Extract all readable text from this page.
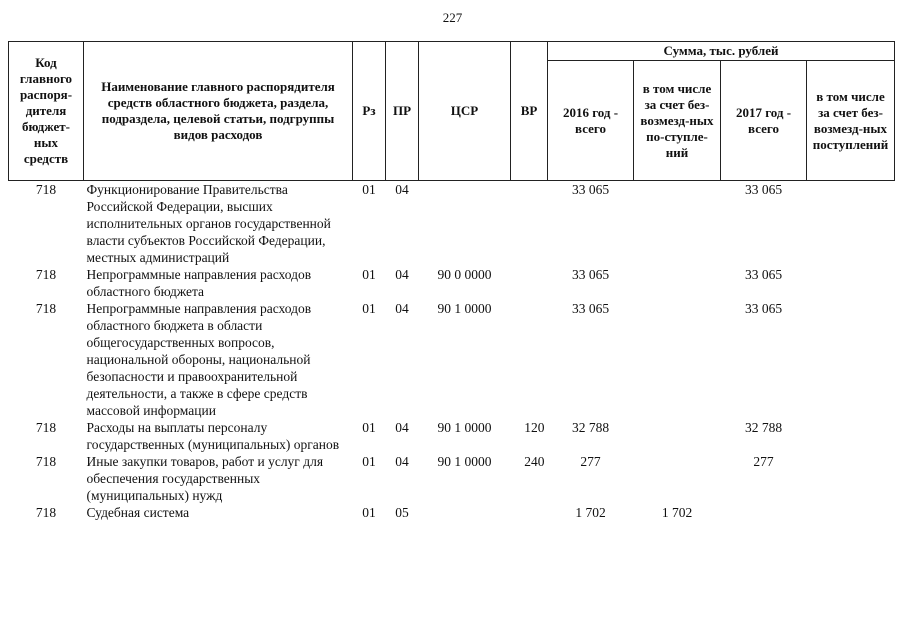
227
Код главного распоря-дителя бюджет-ных средств	Наименование главного распорядителя средств областного бюджета, раздела, подраздела, целевой статьи, подгруппы видов расходов	Рз	ПР	ЦСР	ВР	Сумма, тыс. рублей			
						2016 год - всего	в том числе за счет без-возмезд-ных по-ступле-ний	2017 год - всего	в том числе за счет без-возмезд-ных поступлений
718	Функционирование Правительства Российской Федерации, высших исполнительных органов государственной власти субъектов Российской Федерации, местных администраций	01	04			33 065		33 065	
718	Непрограммные направления расходов областного бюджета	01	04	90 0 0000		33 065		33 065	
718	Непрограммные направления расходов областного бюджета в области общегосударственных вопросов, национальной обороны, национальной безопасности и правоохранительной деятельности, а также в сфере средств массовой информации	01	04	90 1 0000		33 065		33 065	
718	Расходы на выплаты персоналу государственных (муниципальных) органов	01	04	90 1 0000	120	32 788		32 788	
718	Иные закупки товаров, работ и услуг для обеспечения государственных (муниципальных) нужд	01	04	90 1 0000	240	277		277	
718	Судебная система	01	05			1 702	1 702		
